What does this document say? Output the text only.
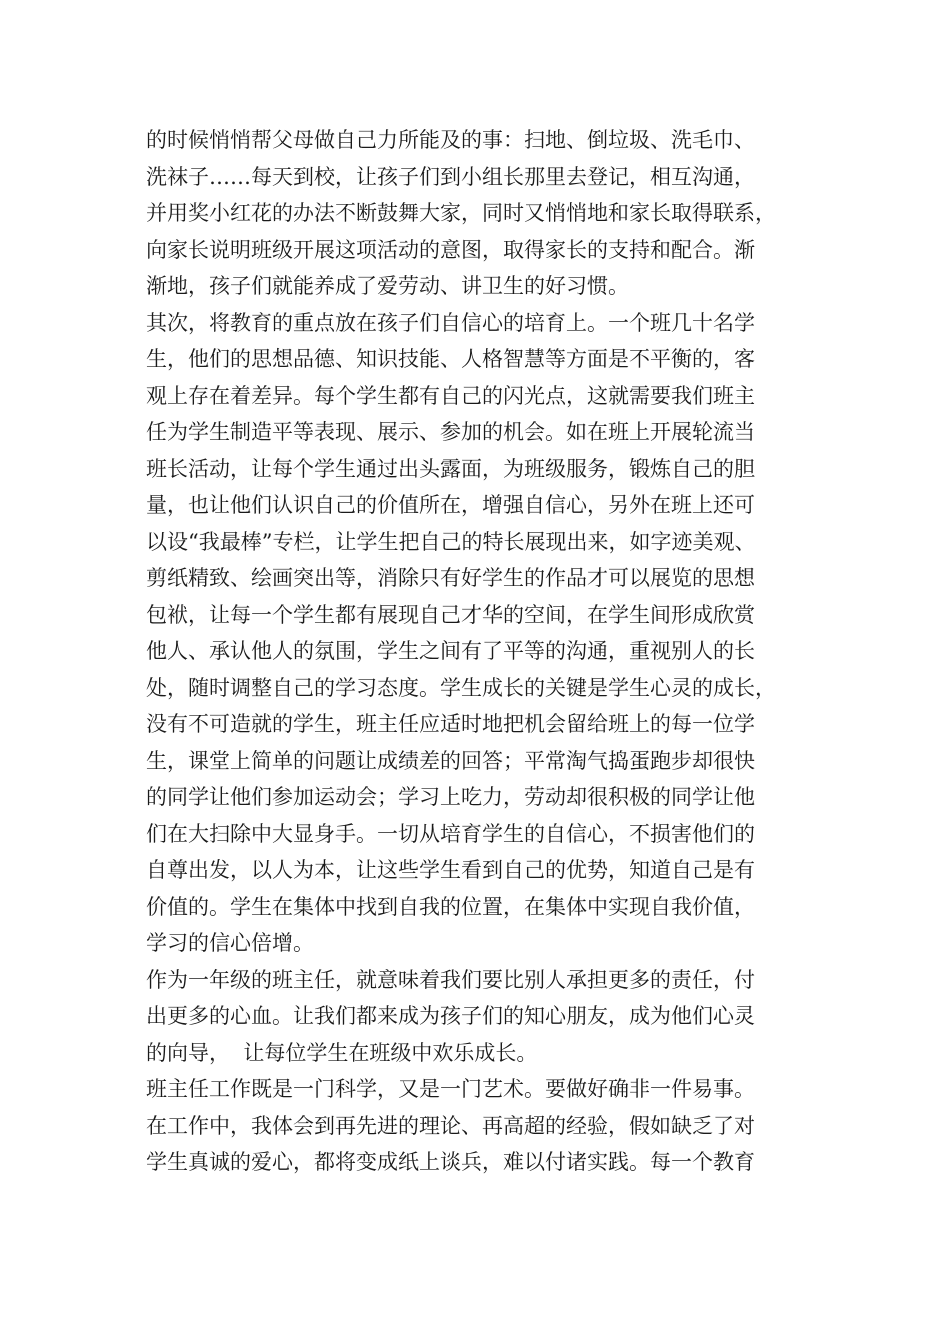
的时候悄悄帮父母做自己力所能及的事：扫地、倒垃圾、洗毛巾、
洗袜子……每天到校，让孩子们到小组长那里去登记，相互沟通，
并用奖小红花的办法不断鼓舞大家，同时又悄悄地和家长取得联系，
向家长说明班级开展这项活动的意图，取得家长的支持和配合。渐
渐地，孩子们就能养成了爱劳动、讲卫生的好习惯。
其次，将教育的重点放在孩子们自信心的培育上。一个班几十名学
生，他们的思想品德、知识技能、人格智慧等方面是不平衡的，客
观上存在着差异。每个学生都有自己的闪光点，这就需要我们班主
任为学生制造平等表现、展示、参加的机会。如在班上开展轮流当
班长活动，让每个学生通过出头露面，为班级服务，锻炼自己的胆
量，也让他们认识自己的价值所在，增强自信心，另外在班上还可
以设“我最棒”专栏，让学生把自己的特长展现出来，如字迹美观、
剪纸精致、绘画突出等，消除只有好学生的作品才可以展览的思想
包袱，让每一个学生都有展现自己才华的空间，在学生间形成欣赏
他人、承认他人的氛围，学生之间有了平等的沟通，重视别人的长
处，随时调整自己的学习态度。学生成长的关键是学生心灵的成长，
没有不可造就的学生，班主任应适时地把机会留给班上的每一位学
生，课堂上简单的问题让成绩差的回答；平常淘气捣蛋跑步却很快
的同学让他们参加运动会；学习上吃力，劳动却很积极的同学让他
们在大扫除中大显身手。一切从培育学生的自信心，不损害他们的
自尊出发，以人为本，让这些学生看到自己的优势，知道自己是有
价值的。学生在集体中找到自我的位置，在集体中实现自我价值，
学习的信心倍增。
作为一年级的班主任，就意味着我们要比别人承担更多的责任，付
出更多的心血。让我们都来成为孩子们的知心朋友，成为他们心灵
的向导，  让每位学生在班级中欢乐成长。
班主任工作既是一门科学，又是一门艺术。要做好确非一件易事。
在工作中，我体会到再先进的理论、再高超的经验，假如缺乏了对
学生真诚的爱心，都将变成纸上谈兵，难以付诸实践。每一个教育
